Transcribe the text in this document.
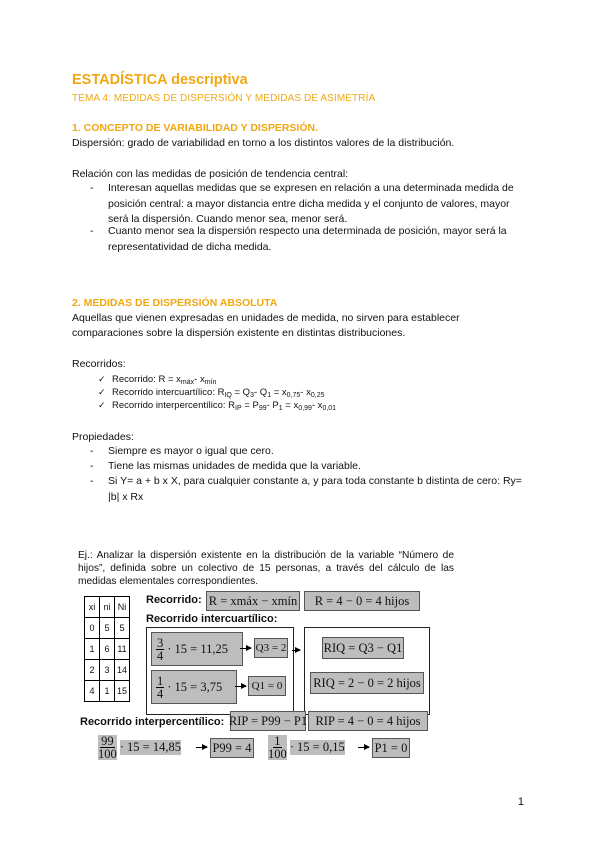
ESTADÍSTICA descriptiva
TEMA 4: MEDIDAS DE DISPERSIÓN Y MEDIDAS DE ASIMETRÍA
1. CONCEPTO DE VARIABILIDAD Y DISPERSIÓN.
Dispersión: grado de variabilidad en torno a los distintos valores de la distribución.
Relación con las medidas de posición de tendencia central:
- Interesan aquellas medidas que se expresen en relación a una determinada medida de posición central: a mayor distancia entre dicha medida y el conjunto de valores, mayor será la dispersión. Cuando menor sea, menor será.
- Cuanto menor sea la dispersión respecto una determinada de posición, mayor será la representatividad de dicha medida.
2. MEDIDAS DE DISPERSIÓN ABSOLUTA
Aquellas que vienen expresadas en unidades de medida, no sirven para establecer comparaciones sobre la dispersión existente en distintas distribuciones.
Recorridos:
✓ Recorrido: $R = x_{máx}-$ $x_{mín}$
✓ Recorrido intercuartílico: $R_{IQ} = Q_3-$ $Q_1 = x_{0,75}-$ $x_{0,25}$
✓ Recorrido interpercentílico: $R_{IP} = P_{99}-$ $P_1 = x_{0,99}-$ $x_{0,01}$
Propiedades:
- Siempre es mayor o igual que cero.
- Tiene las mismas unidades de medida que la variable.
- Si Y= a + b x X, para cualquier constante a, y para toda constante b distinta de cero: Ry= |b| x Rx
Ej.: Analizar la dispersión existente en la distribución de la variable “Número de hijos”, definida sobre un colectivo de 15 personas, a través del cálculo de las medidas elementales correspondientes.
xi	ni	Ni
0	5	5
1	6	11
2	3	14
4	1	15
Recorrido: R = xmáx − xmín	R = 4 − 0 = 4 hijos
Recorrido intercuartílico:
$\frac{3}{4} \cdot 15 = 11,25$	Q3 = 2
$\frac{1}{4} \cdot 15 = 3,75$	Q1 = 0
RIQ = Q3 − Q1
RIQ = 2 − 0 = 2 hijos
Recorrido interpercentílico: RIP = P99 − P1 RIP = 4 − 0 = 4 hijos
$\frac{99}{100} \cdot 15 = 14,85$	$P99 = 4 \frac{1}{100} \cdot 15 = 0,15$ P1 = 0
1
